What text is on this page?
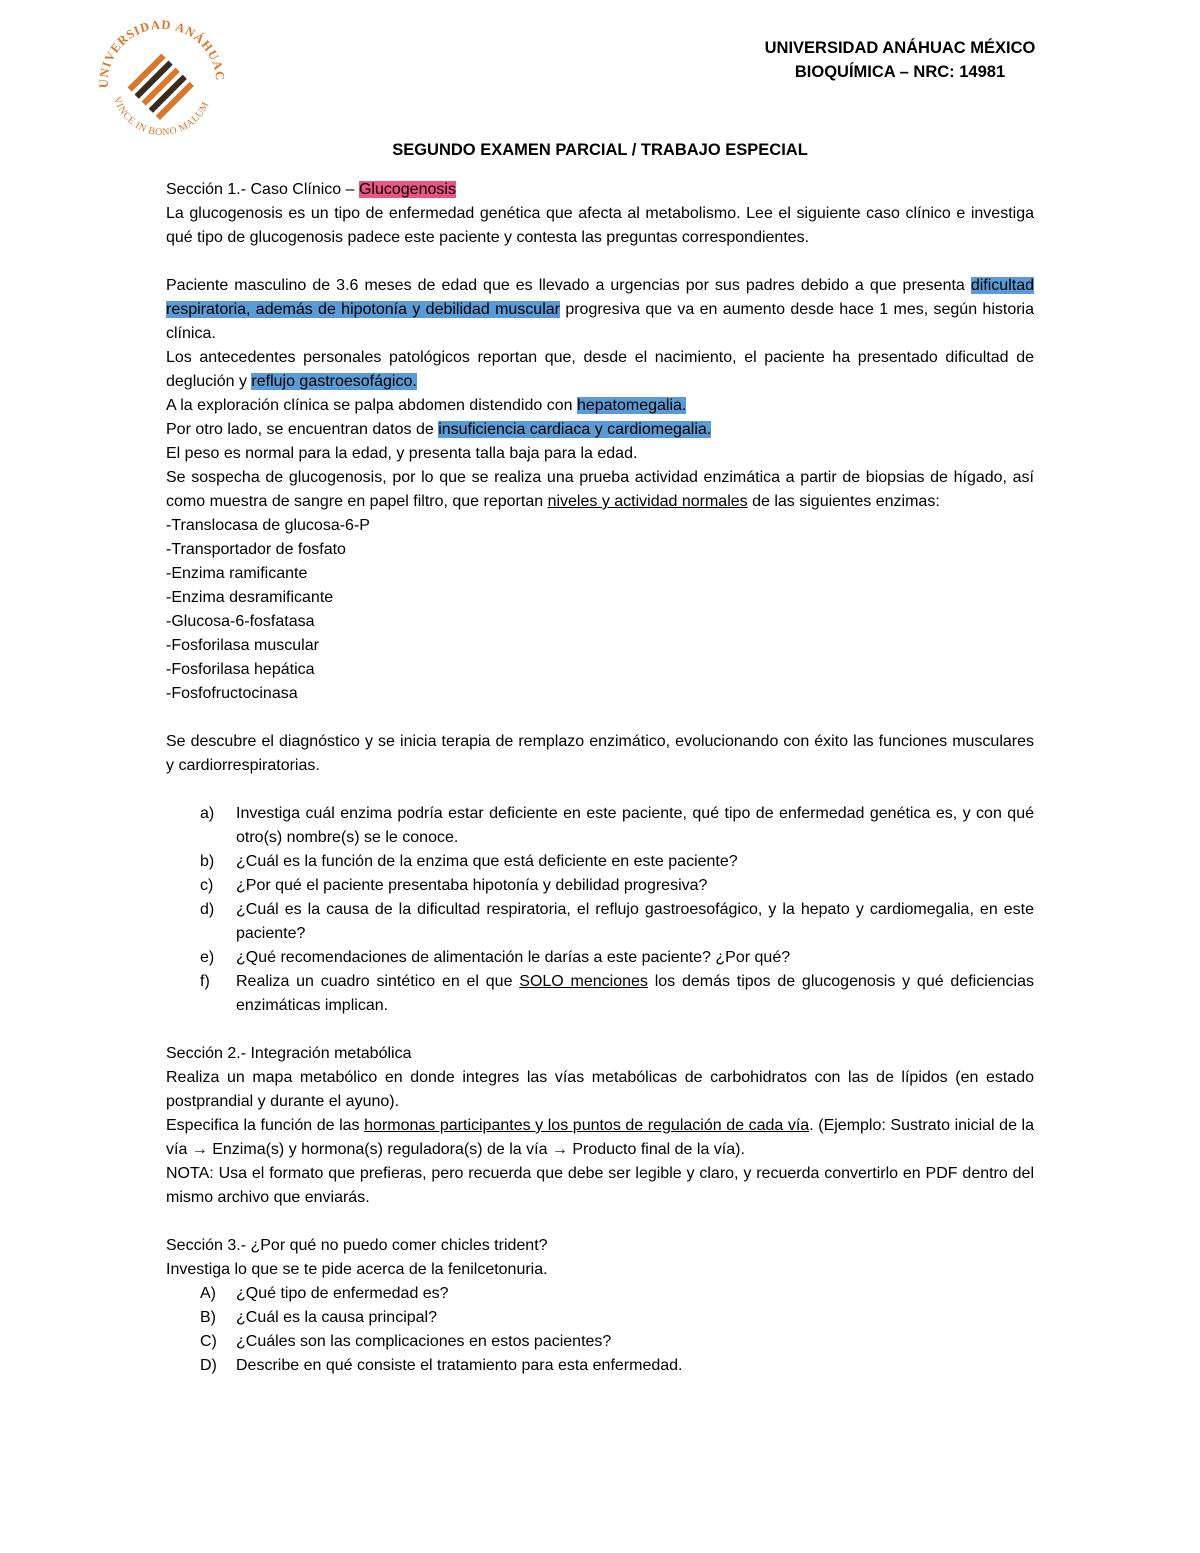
UNIVERSIDAD ANÁHUAC
VINCE IN BONO MALUM
UNIVERSIDAD ANÁHUAC MÉXICO
BIOQUÍMICA – NRC: 14981
SEGUNDO EXAMEN PARCIAL / TRABAJO ESPECIAL

Sección 1.- Caso Clínico – Glucogenosis

La glucogenosis es un tipo de enfermedad genética que afecta al metabolismo. Lee el siguiente caso clínico e investiga qué tipo de glucogenosis padece este paciente y contesta las preguntas correspondientes.

Paciente masculino de 3.6 meses de edad que es llevado a urgencias por sus padres debido a que presenta dificultad respiratoria, además de hipotonía y debilidad muscular progresiva que va en aumento desde hace 1 mes, según historia clínica.

Los antecedentes personales patológicos reportan que, desde el nacimiento, el paciente ha presentado dificultad de deglución y reflujo gastroesofágico.

A la exploración clínica se palpa abdomen distendido con hepatomegalia.

Por otro lado, se encuentran datos de insuficiencia cardiaca y cardiomegalia.

El peso es normal para la edad, y presenta talla baja para la edad.

Se sospecha de glucogenosis, por lo que se realiza una prueba actividad enzimática a partir de biopsias de hígado, así como muestra de sangre en papel filtro, que reportan niveles y actividad normales de las siguientes enzimas:

-Translocasa de glucosa-6-P

-Transportador de fosfato

-Enzima ramificante

-Enzima desramificante

-Glucosa-6-fosfatasa

-Fosforilasa muscular

-Fosforilasa hepática

-Fosfofructocinasa

Se descubre el diagnóstico y se inicia terapia de remplazo enzimático, evolucionando con éxito las funciones musculares y cardiorrespiratorias.

a) Investiga cuál enzima podría estar deficiente en este paciente, qué tipo de enfermedad genética es, y con qué otro(s) nombre(s) se le conoce.
b) ¿Cuál es la función de la enzima que está deficiente en este paciente?
c) ¿Por qué el paciente presentaba hipotonía y debilidad progresiva?
d) ¿Cuál es la causa de la dificultad respiratoria, el reflujo gastroesofágico, y la hepato y cardiomegalia, en este paciente?
e) ¿Qué recomendaciones de alimentación le darías a este paciente? ¿Por qué?
f) Realiza un cuadro sintético en el que SOLO menciones los demás tipos de glucogenosis y qué deficiencias enzimáticas implican.

Sección 2.- Integración metabólica

Realiza un mapa metabólico en donde integres las vías metabólicas de carbohidratos con las de lípidos (en estado postprandial y durante el ayuno).

Especifica la función de las hormonas participantes y los puntos de regulación de cada vía. (Ejemplo: Sustrato inicial de la vía → Enzima(s) y hormona(s) reguladora(s) de la vía → Producto final de la vía).

NOTA: Usa el formato que prefieras, pero recuerda que debe ser legible y claro, y recuerda convertirlo en PDF dentro del mismo archivo que enviarás.

Sección 3.- ¿Por qué no puedo comer chicles trident?

Investiga lo que se te pide acerca de la fenilcetonuria.

A) ¿Qué tipo de enfermedad es?
B) ¿Cuál es la causa principal?
C) ¿Cuáles son las complicaciones en estos pacientes?
D) Describe en qué consiste el tratamiento para esta enfermedad.
